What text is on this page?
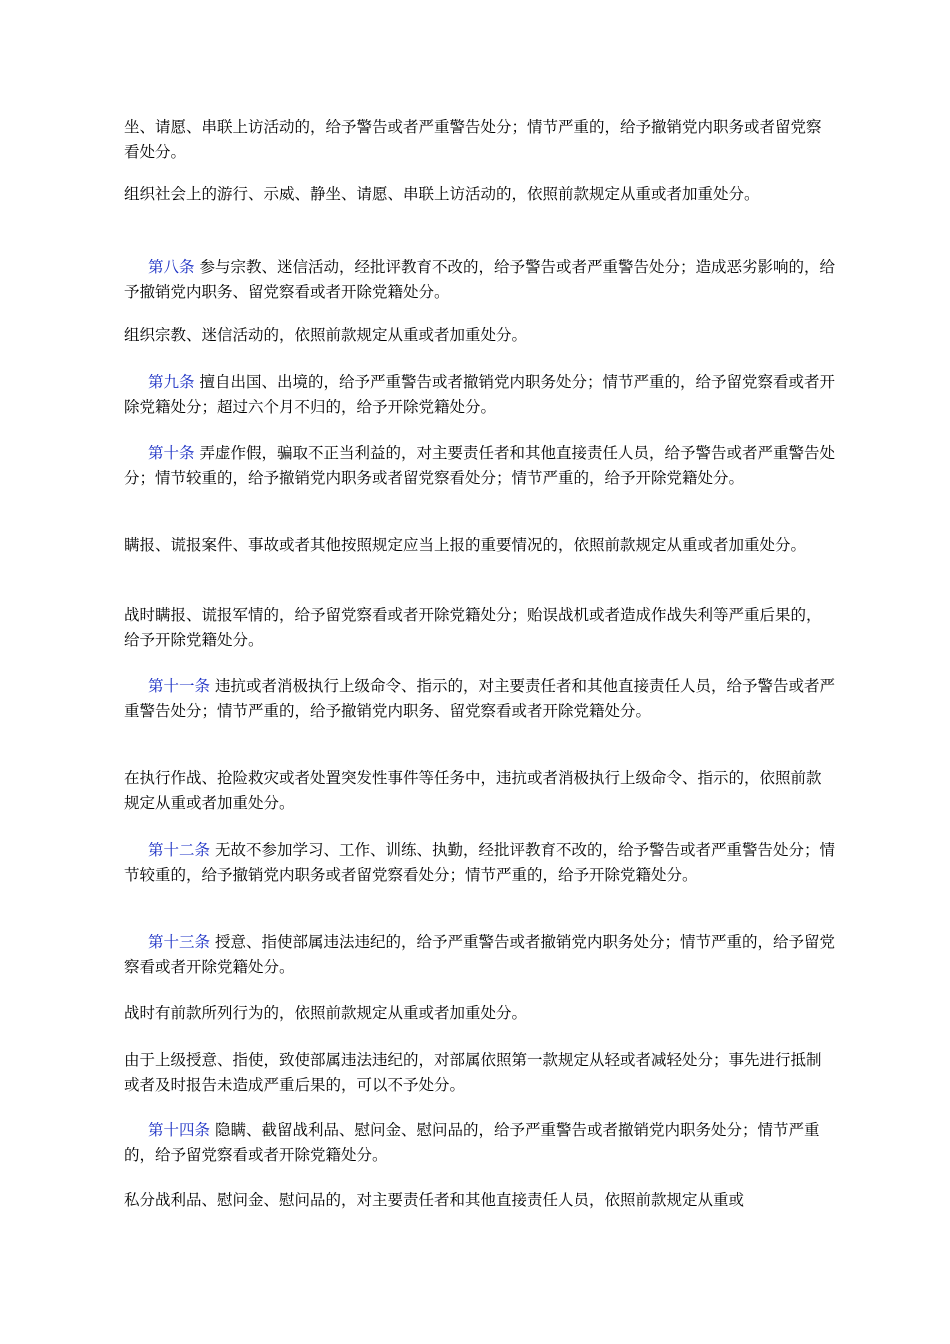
坐、请愿、串联上访活动的，给予警告或者严重警告处分；情节严重的，给予撤销党内职务或者留党察看处分。

组织社会上的游行、示威、静坐、请愿、串联上访活动的，依照前款规定从重或者加重处分。

第八条 参与宗教、迷信活动，经批评教育不改的，给予警告或者严重警告处分；造成恶劣影响的，给予撤销党内职务、留党察看或者开除党籍处分。

组织宗教、迷信活动的，依照前款规定从重或者加重处分。

第九条 擅自出国、出境的，给予严重警告或者撤销党内职务处分；情节严重的，给予留党察看或者开除党籍处分；超过六个月不归的，给予开除党籍处分。

第十条 弄虚作假，骗取不正当利益的，对主要责任者和其他直接责任人员，给予警告或者严重警告处分；情节较重的，给予撤销党内职务或者留党察看处分；情节严重的，给予开除党籍处分。

瞒报、谎报案件、事故或者其他按照规定应当上报的重要情况的，依照前款规定从重或者加重处分。

战时瞒报、谎报军情的，给予留党察看或者开除党籍处分；贻误战机或者造成作战失利等严重后果的，给予开除党籍处分。

第十一条 违抗或者消极执行上级命令、指示的，对主要责任者和其他直接责任人员，给予警告或者严重警告处分；情节严重的，给予撤销党内职务、留党察看或者开除党籍处分。

在执行作战、抢险救灾或者处置突发性事件等任务中，违抗或者消极执行上级命令、指示的，依照前款规定从重或者加重处分。

第十二条 无故不参加学习、工作、训练、执勤，经批评教育不改的，给予警告或者严重警告处分；情节较重的，给予撤销党内职务或者留党察看处分；情节严重的，给予开除党籍处分。

第十三条 授意、指使部属违法违纪的，给予严重警告或者撤销党内职务处分；情节严重的，给予留党察看或者开除党籍处分。

战时有前款所列行为的，依照前款规定从重或者加重处分。

由于上级授意、指使，致使部属违法违纪的，对部属依照第一款规定从轻或者减轻处分；事先进行抵制或者及时报告未造成严重后果的，可以不予处分。

第十四条 隐瞒、截留战利品、慰问金、慰问品的，给予严重警告或者撤销党内职务处分；情节严重的，给予留党察看或者开除党籍处分。

私分战利品、慰问金、慰问品的，对主要责任者和其他直接责任人员，依照前款规定从重或
